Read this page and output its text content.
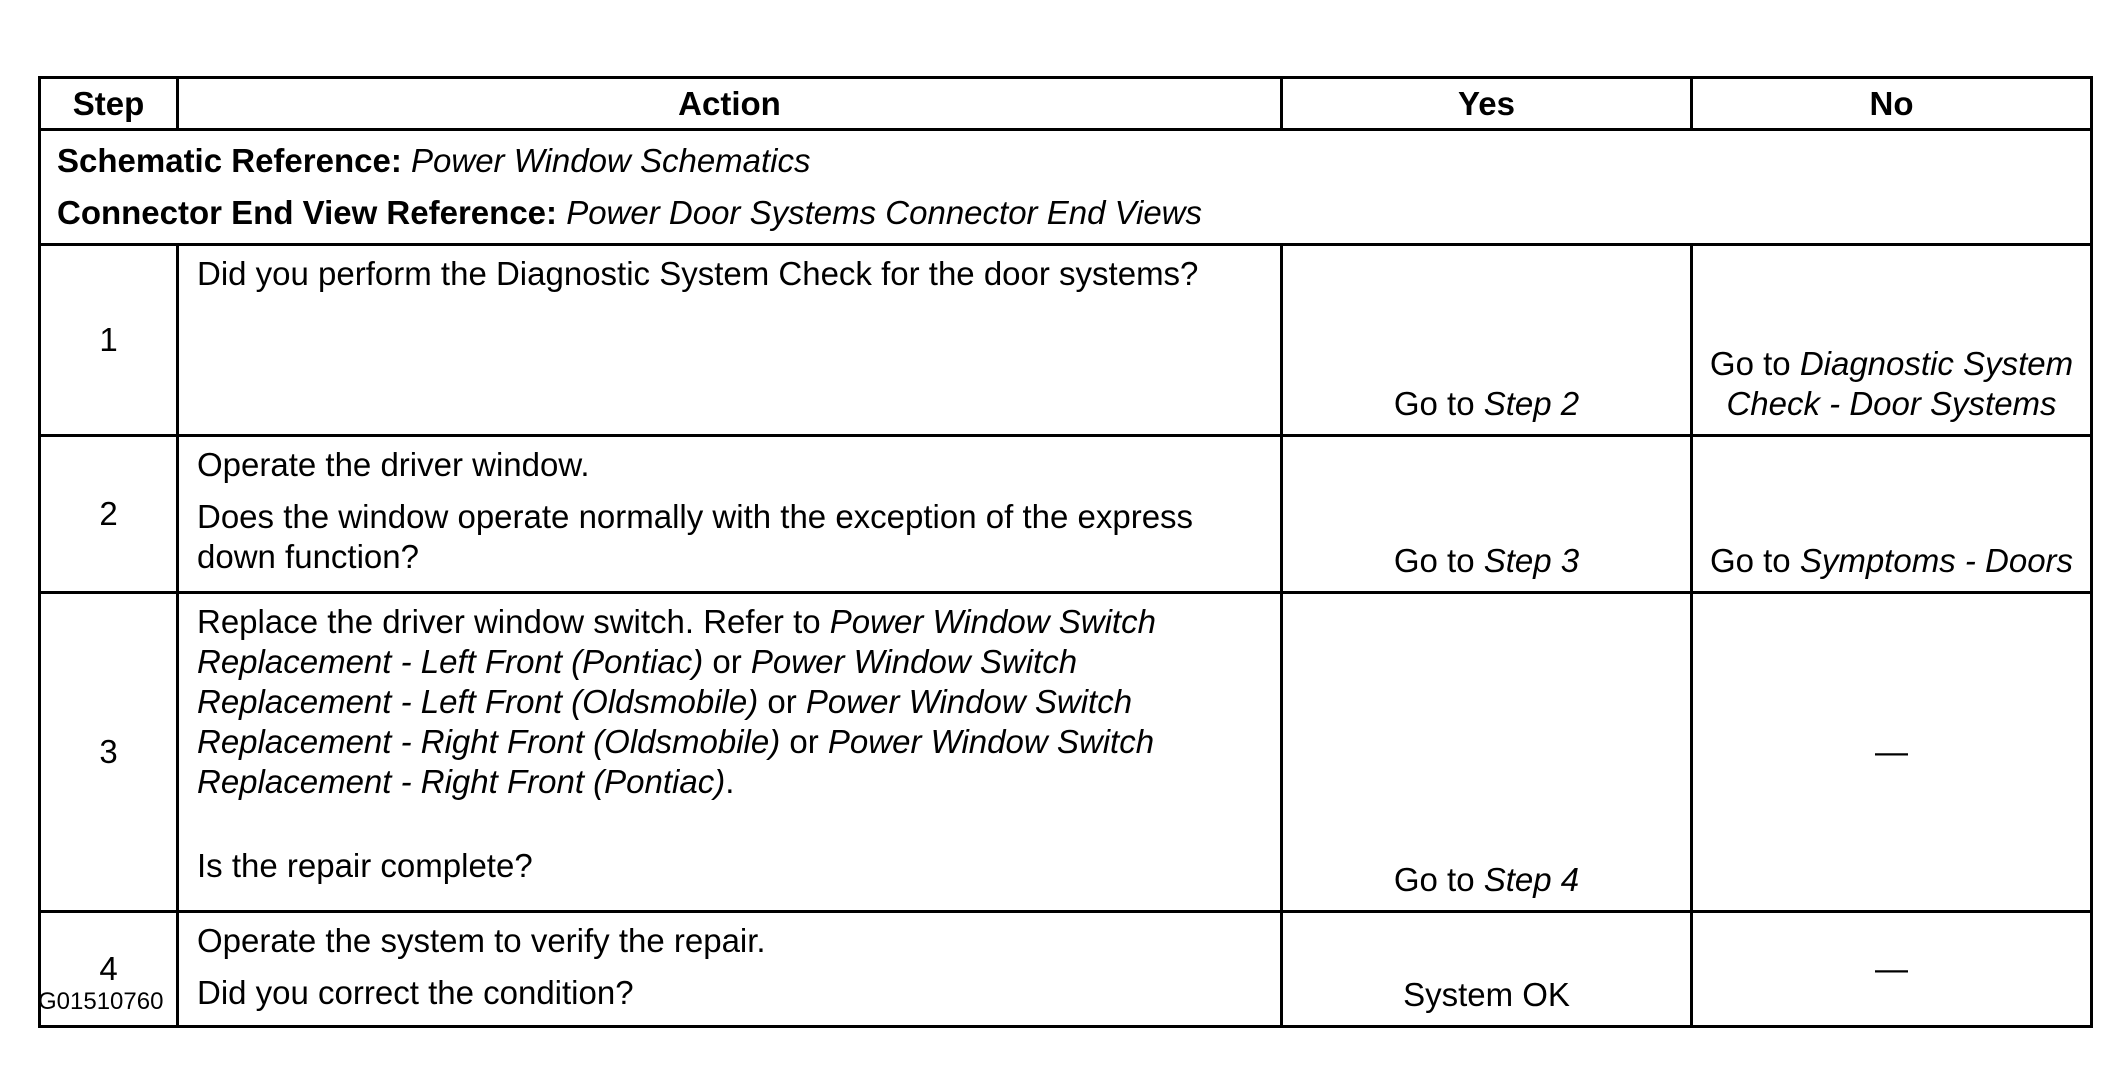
Step	Action	Yes	No

Schematic Reference: Power Window Schematics
Connector End View Reference: Power Door Systems Connector End Views			

1	Did you perform the Diagnostic System Check for the door systems?	Go to Step 2	Go to Diagnostic System Check - Door Systems
2	Operate the driver window.

Does the window operate normally with the exception of the express down function?	Go to Step 3	Go to Symptoms - Doors
3	Replace the driver window switch. Refer to Power Window Switch Replacement - Left Front (Pontiac) or Power Window Switch Replacement - Left Front (Oldsmobile) or Power Window Switch Replacement - Right Front (Oldsmobile) or Power Window Switch Replacement - Right Front (Pontiac).

Is the repair complete?	Go to Step 4	—
4	Operate the system to verify the repair.

Did you correct the condition?	System OK	—
G01510760
